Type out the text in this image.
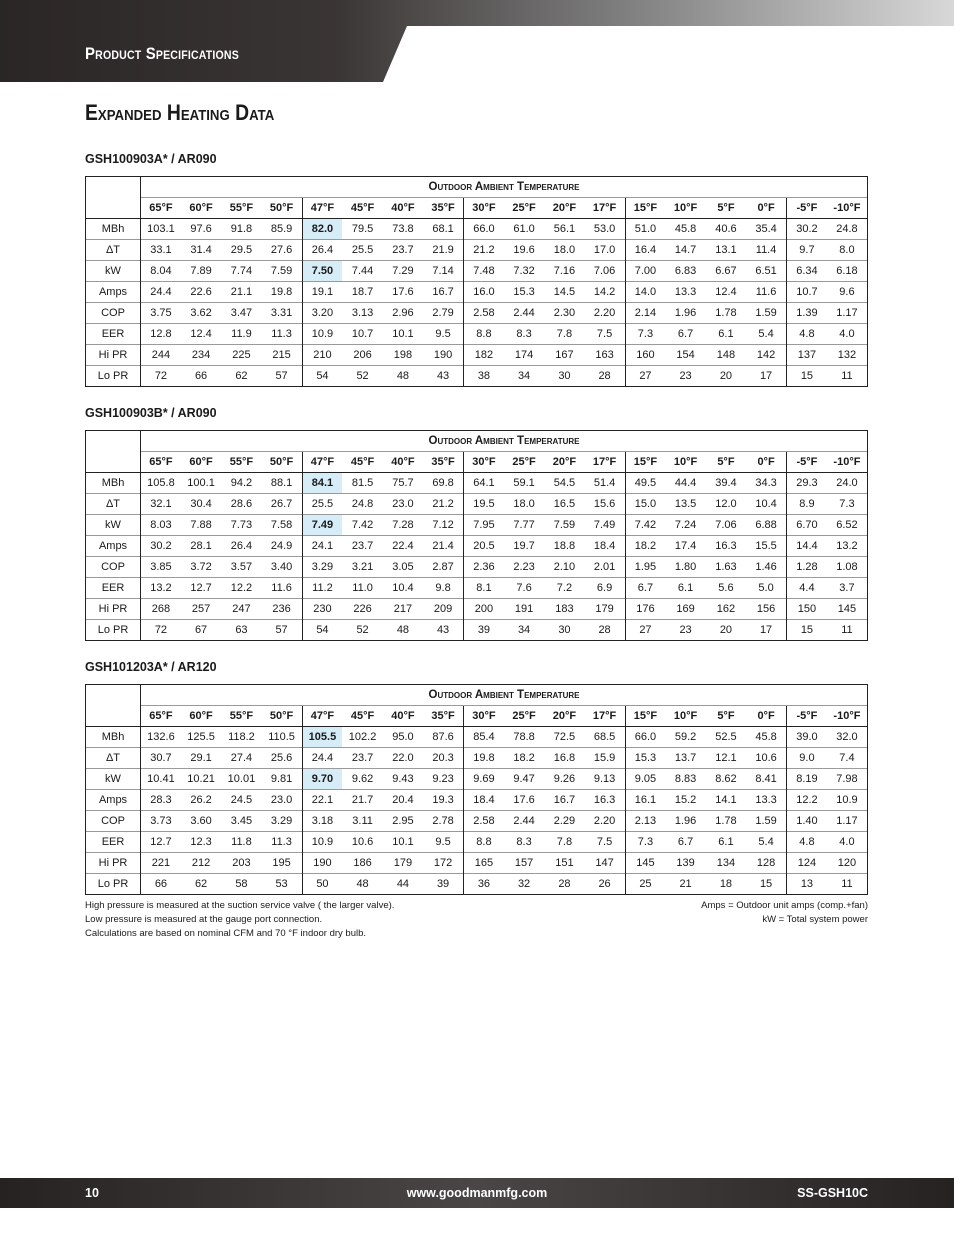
Product Specifications
Expanded Heating Data
GSH100903A* / AR090
	Outdoor Ambient Temperature																	
	65°F	60°F	55°F	50°F	47°F	45°F	40°F	35°F	30°F	25°F	20°F	17°F	15°F	10°F	5°F	0°F	-5°F	-10°F
MBh	103.1	97.6	91.8	85.9	82.0	79.5	73.8	68.1	66.0	61.0	56.1	53.0	51.0	45.8	40.6	35.4	30.2	24.8
ΔT	33.1	31.4	29.5	27.6	26.4	25.5	23.7	21.9	21.2	19.6	18.0	17.0	16.4	14.7	13.1	11.4	9.7	8.0
kW	8.04	7.89	7.74	7.59	7.50	7.44	7.29	7.14	7.48	7.32	7.16	7.06	7.00	6.83	6.67	6.51	6.34	6.18
Amps	24.4	22.6	21.1	19.8	19.1	18.7	17.6	16.7	16.0	15.3	14.5	14.2	14.0	13.3	12.4	11.6	10.7	9.6
COP	3.75	3.62	3.47	3.31	3.20	3.13	2.96	2.79	2.58	2.44	2.30	2.20	2.14	1.96	1.78	1.59	1.39	1.17
EER	12.8	12.4	11.9	11.3	10.9	10.7	10.1	9.5	8.8	8.3	7.8	7.5	7.3	6.7	6.1	5.4	4.8	4.0
Hi PR	244	234	225	215	210	206	198	190	182	174	167	163	160	154	148	142	137	132
Lo PR	72	66	62	57	54	52	48	43	38	34	30	28	27	23	20	17	15	11
GSH100903B* / AR090
	Outdoor Ambient Temperature																	
	65°F	60°F	55°F	50°F	47°F	45°F	40°F	35°F	30°F	25°F	20°F	17°F	15°F	10°F	5°F	0°F	-5°F	-10°F
MBh	105.8	100.1	94.2	88.1	84.1	81.5	75.7	69.8	64.1	59.1	54.5	51.4	49.5	44.4	39.4	34.3	29.3	24.0
ΔT	32.1	30.4	28.6	26.7	25.5	24.8	23.0	21.2	19.5	18.0	16.5	15.6	15.0	13.5	12.0	10.4	8.9	7.3
kW	8.03	7.88	7.73	7.58	7.49	7.42	7.28	7.12	7.95	7.77	7.59	7.49	7.42	7.24	7.06	6.88	6.70	6.52
Amps	30.2	28.1	26.4	24.9	24.1	23.7	22.4	21.4	20.5	19.7	18.8	18.4	18.2	17.4	16.3	15.5	14.4	13.2
COP	3.85	3.72	3.57	3.40	3.29	3.21	3.05	2.87	2.36	2.23	2.10	2.01	1.95	1.80	1.63	1.46	1.28	1.08
EER	13.2	12.7	12.2	11.6	11.2	11.0	10.4	9.8	8.1	7.6	7.2	6.9	6.7	6.1	5.6	5.0	4.4	3.7
Hi PR	268	257	247	236	230	226	217	209	200	191	183	179	176	169	162	156	150	145
Lo PR	72	67	63	57	54	52	48	43	39	34	30	28	27	23	20	17	15	11
GSH101203A* / AR120
	Outdoor Ambient Temperature																	
	65°F	60°F	55°F	50°F	47°F	45°F	40°F	35°F	30°F	25°F	20°F	17°F	15°F	10°F	5°F	0°F	-5°F	-10°F
MBh	132.6	125.5	118.2	110.5	105.5	102.2	95.0	87.6	85.4	78.8	72.5	68.5	66.0	59.2	52.5	45.8	39.0	32.0
ΔT	30.7	29.1	27.4	25.6	24.4	23.7	22.0	20.3	19.8	18.2	16.8	15.9	15.3	13.7	12.1	10.6	9.0	7.4
kW	10.41	10.21	10.01	9.81	9.70	9.62	9.43	9.23	9.69	9.47	9.26	9.13	9.05	8.83	8.62	8.41	8.19	7.98
Amps	28.3	26.2	24.5	23.0	22.1	21.7	20.4	19.3	18.4	17.6	16.7	16.3	16.1	15.2	14.1	13.3	12.2	10.9
COP	3.73	3.60	3.45	3.29	3.18	3.11	2.95	2.78	2.58	2.44	2.29	2.20	2.13	1.96	1.78	1.59	1.40	1.17
EER	12.7	12.3	11.8	11.3	10.9	10.6	10.1	9.5	8.8	8.3	7.8	7.5	7.3	6.7	6.1	5.4	4.8	4.0
Hi PR	221	212	203	195	190	186	179	172	165	157	151	147	145	139	134	128	124	120
Lo PR	66	62	58	53	50	48	44	39	36	32	28	26	25	21	18	15	13	11
High pressure is measured at the suction service valve ( the larger valve).
Low pressure is measured at the gauge port connection.
Calculations are based on nominal CFM and 70 °F indoor dry bulb.
Amps = Outdoor unit amps (comp.+fan)
kW = Total system power
10	www.goodmanmfg.com	SS-GSH10C
